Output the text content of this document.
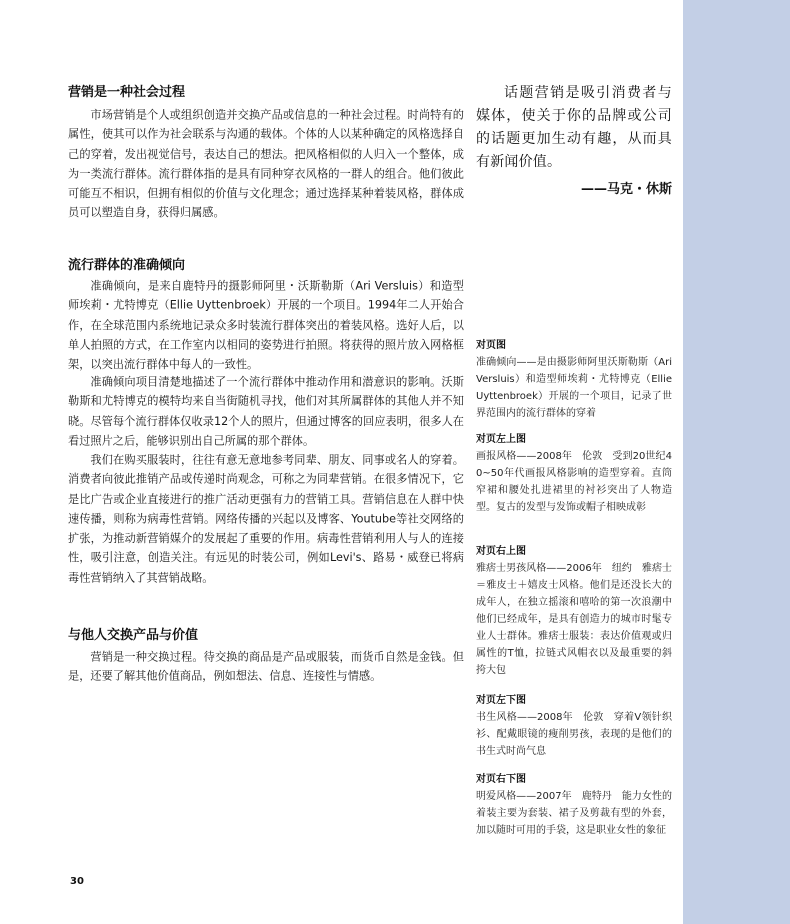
营销是一种社会过程

市场营销是个人或组织创造并交换产品或信息的一种社会过程。时尚特有的属性，使其可以作为社会联系与沟通的载体。个体的人以某种确定的风格选择自己的穿着，发出视觉信号，表达自己的想法。把风格相似的人归入一个整体，成为一类流行群体。流行群体指的是具有同种穿衣风格的一群人的组合。他们彼此可能互不相识，但拥有相似的价值与文化理念；通过选择某种着装风格，群体成员可以塑造自身，获得归属感。

流行群体的准确倾向

准确倾向，是来自鹿特丹的摄影师阿里・沃斯勒斯（Ari Versluis）和造型师埃莉・尤特博克（Ellie Uyttenbroek）开展的一个项目。1994年二人开始合作，在全球范围内系统地记录众多时装流行群体突出的着装风格。选好人后，以单人拍照的方式，在工作室内以相同的姿势进行拍照。将获得的照片放入网格框架，以突出流行群体中每人的一致性。

准确倾向项目清楚地描述了一个流行群体中推动作用和潜意识的影响。沃斯勒斯和尤特博克的模特均来自当街随机寻找，他们对其所属群体的其他人并不知晓。尽管每个流行群体仅收录12个人的照片，但通过博客的回应表明，很多人在看过照片之后，能够识别出自己所属的那个群体。

我们在购买服装时，往往有意无意地参考同辈、朋友、同事或名人的穿着。消费者向彼此推销产品或传递时尚观念，可称之为同辈营销。在很多情况下，它是比广告或企业直接进行的推广活动更强有力的营销工具。营销信息在人群中快速传播，则称为病毒性营销。网络传播的兴起以及博客、Youtube等社交网络的扩张，为推动新营销媒介的发展起了重要的作用。病毒性营销利用人与人的连接性，吸引注意，创造关注。有远见的时装公司，例如Levi's、路易・威登已将病毒性营销纳入了其营销战略。

与他人交换产品与价值

营销是一种交换过程。待交换的商品是产品或服装，而货币自然是金钱。但是，还要了解其他价值商品，例如想法、信息、连接性与情感。

话题营销是吸引消费者与媒体，使关于你的品牌或公司的话题更加生动有趣，从而具有新闻价值。

——马克・休斯

对页图

准确倾向——是由摄影师阿里沃斯勒斯（Ari Versluis）和造型师埃莉・尤特博克（Ellie Uyttenbroek）开展的一个项目，记录了世界范围内的流行群体的穿着

对页左上图

画报风格——2008年　伦敦　受到20世纪40~50年代画报风格影响的造型穿着。直筒窄裙和腰处扎进裙里的衬衫突出了人物造型。复古的发型与发饰或帽子相映成彰

对页右上图

雅痞士男孩风格——2006年　纽约　雅痞士＝雅皮士＋嬉皮士风格。他们是还没长大的成年人，在独立摇滚和嘻哈的第一次浪潮中他们已经成年，是具有创造力的城市时髦专业人士群体。雅痞士服装：表达价值观或归属性的T恤，拉链式风帽衣以及最重要的斜挎大包

对页左下图

书生风格——2008年　伦敦　穿着V领针织衫、配戴眼镜的瘦削男孩，表现的是他们的书生式时尚气息

对页右下图

明爱风格——2007年　鹿特丹　能力女性的着装主要为套装、裙子及剪裁有型的外套，加以随时可用的手袋，这是职业女性的象征

30
